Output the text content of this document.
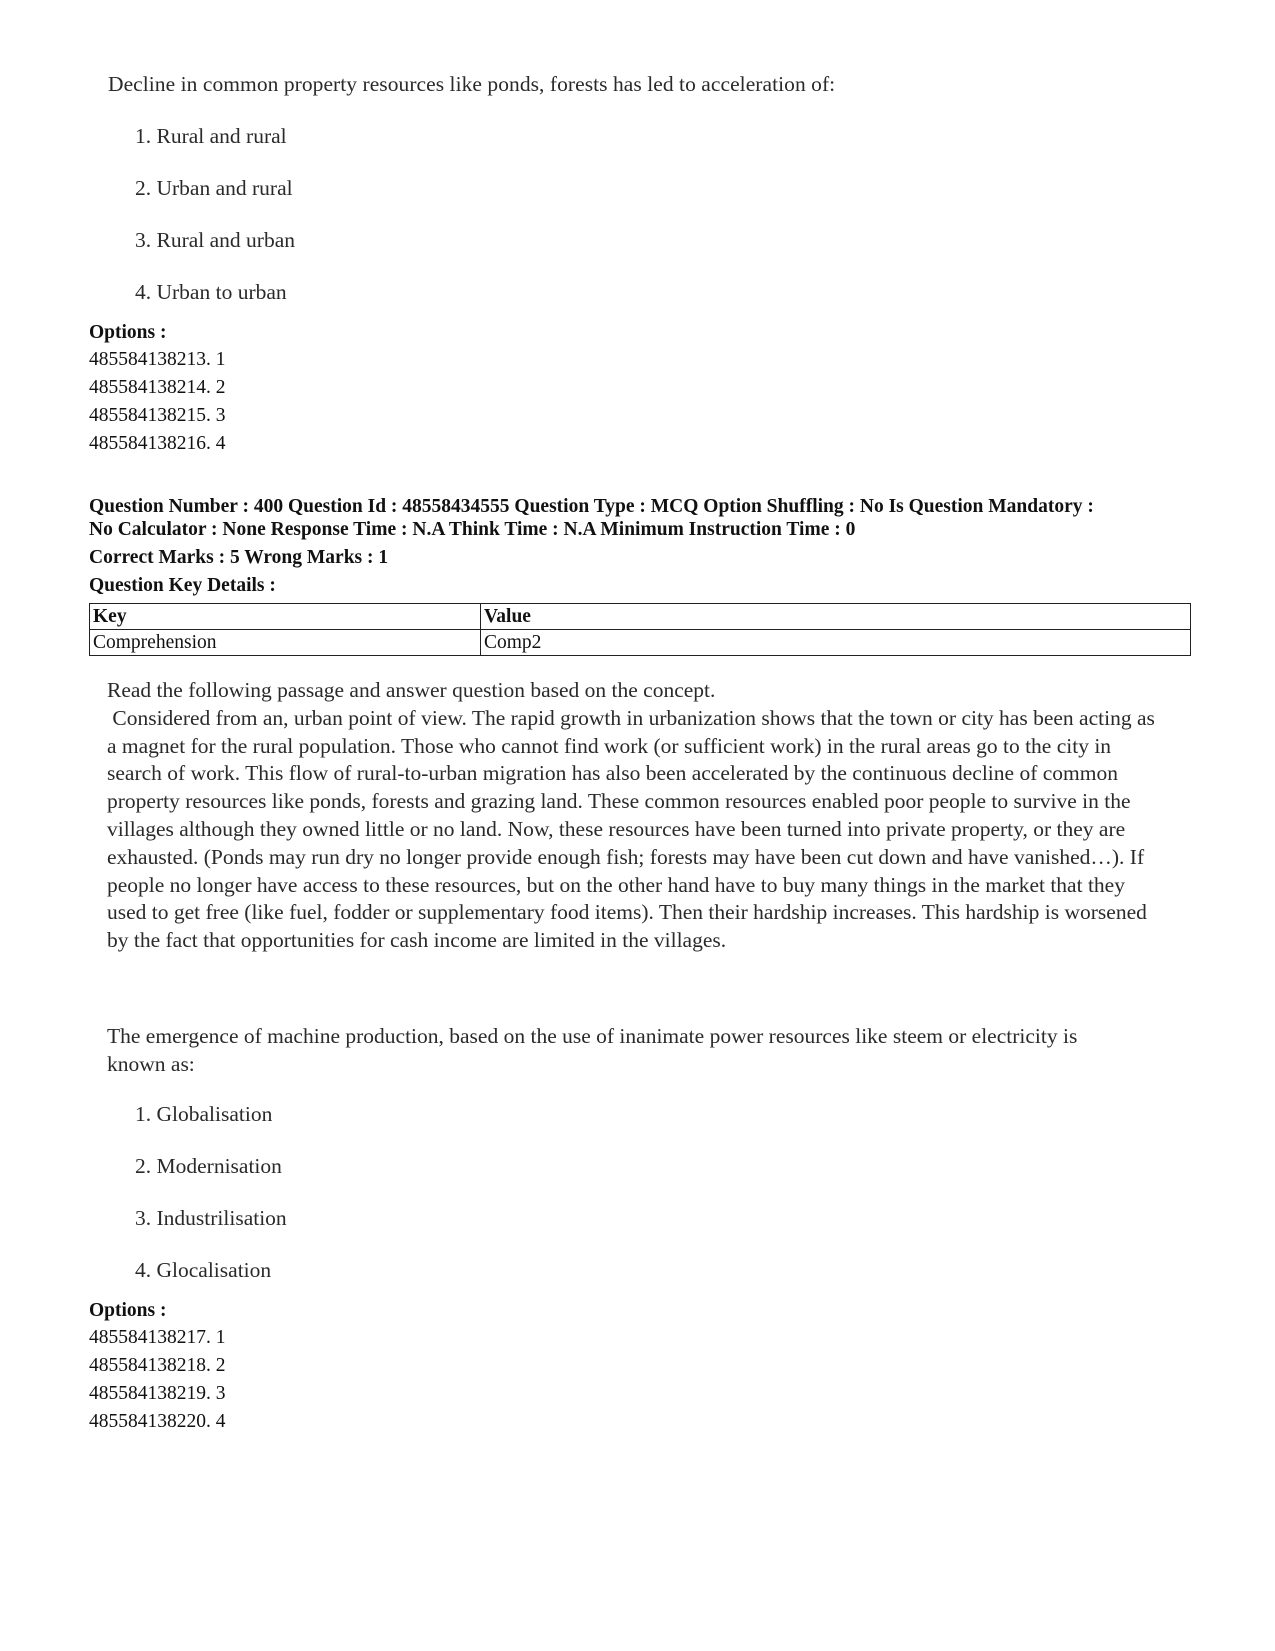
Decline in common property resources like ponds, forests has led to acceleration of:
1. Rural and rural
2. Urban and rural
3. Rural and urban
4. Urban to urban
Options :
485584138213. 1
485584138214. 2
485584138215. 3
485584138216. 4
Question Number : 400 Question Id : 48558434555 Question Type : MCQ Option Shuffling : No Is Question Mandatory :
No Calculator : None Response Time : N.A Think Time : N.A Minimum Instruction Time : 0
Correct Marks : 5 Wrong Marks : 1
Question Key Details :
Key	Value
Comprehension	Comp2
Read the following passage and answer question based on the concept.
Considered from an, urban point of view. The rapid growth in urbanization shows that the town or city has been acting as a magnet for the rural population. Those who cannot find work (or sufficient work) in the rural areas go to the city in search of work. This flow of rural-to-urban migration has also been accelerated by the continuous decline of common property resources like ponds, forests and grazing land. These common resources enabled poor people to survive in the villages although they owned little or no land. Now, these resources have been turned into private property, or they are exhausted. (Ponds may run dry no longer provide enough fish; forests may have been cut down and have vanished…). If people no longer have access to these resources, but on the other hand have to buy many things in the market that they used to get free (like fuel, fodder or supplementary food items). Then their hardship increases. This hardship is worsened by the fact that opportunities for cash income are limited in the villages.
The emergence of machine production, based on the use of inanimate power resources like steem or electricity is known as:
1. Globalisation
2. Modernisation
3. Industrilisation
4. Glocalisation
Options :
485584138217. 1
485584138218. 2
485584138219. 3
485584138220. 4
